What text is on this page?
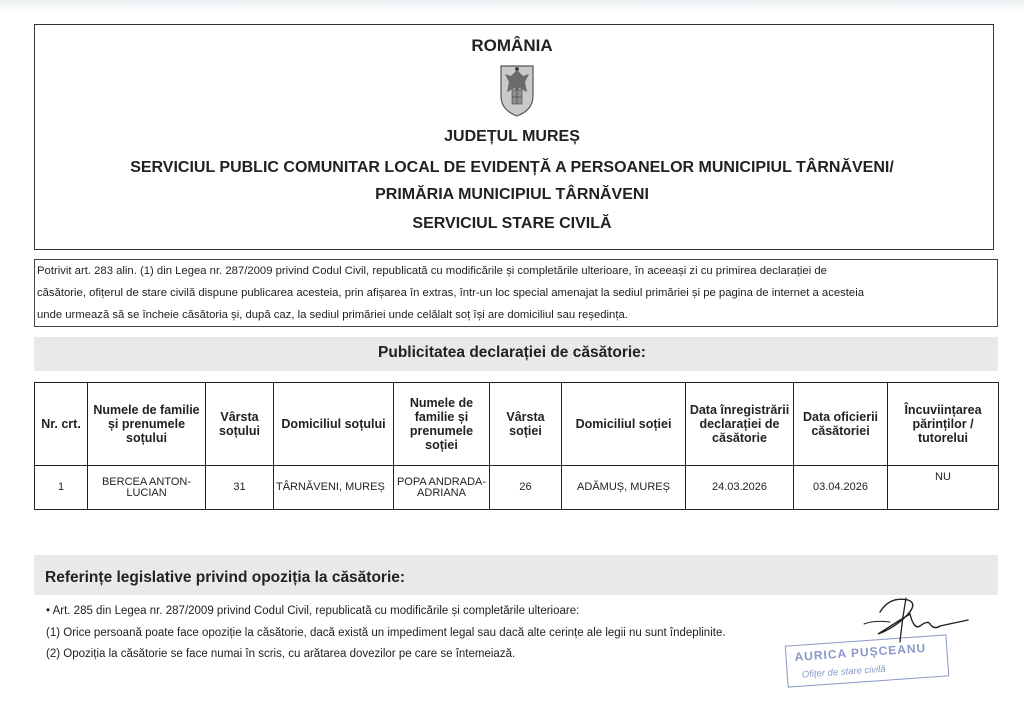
ROMÂNIA
JUDEȚUL MUREȘ
SERVICIUL PUBLIC COMUNITAR LOCAL DE EVIDENȚĂ A PERSOANELOR MUNICIPIUL TÂRNĂVENI/
PRIMĂRIA MUNICIPIUL TÂRNĂVENI
SERVICIUL STARE CIVILĂ
Potrivit art. 283 alin. (1) din Legea nr. 287/2009 privind Codul Civil, republicată cu modificările și completările ulterioare, în aceeași zi cu primirea declarației de
căsătorie, ofițerul de stare civilă dispune publicarea acesteia, prin afișarea în extras, într-un loc special amenajat la sediul primăriei și pe pagina de internet a acesteia
unde urmează să se încheie căsătoria și, după caz, la sediul primăriei unde celălalt soț își are domiciliul sau reședința.
Publicitatea declarației de căsătorie:
Nr. crt.	Numele de familie și prenumele soțului	Vârsta soțului	Domiciliul soțului	Numele de familie și prenumele soției	Vârsta soției	Domiciliul soției	Data înregistrării declarației de căsătorie	Data oficierii căsătoriei	Încuviințarea părinților / tutorelui
1	BERCEA ANTON-LUCIAN	31	TÂRNĂVENI, MUREȘ	POPA ANDRADA-ADRIANA	26	ADĂMUȘ, MUREȘ	24.03.2026	03.04.2026	NU
Referințe legislative privind opoziția la căsătorie:
• Art. 285 din Legea nr. 287/2009 privind Codul Civil, republicată cu modificările și completările ulterioare:
(1) Orice persoană poate face opoziție la căsătorie, dacă există un impediment legal sau dacă alte cerințe ale legii nu sunt îndeplinite.
(2) Opoziția la căsătorie se face numai în scris, cu arătarea dovezilor pe care se întemeiază.	AURICA PUȘCEANU
Ofițer de stare civilă
